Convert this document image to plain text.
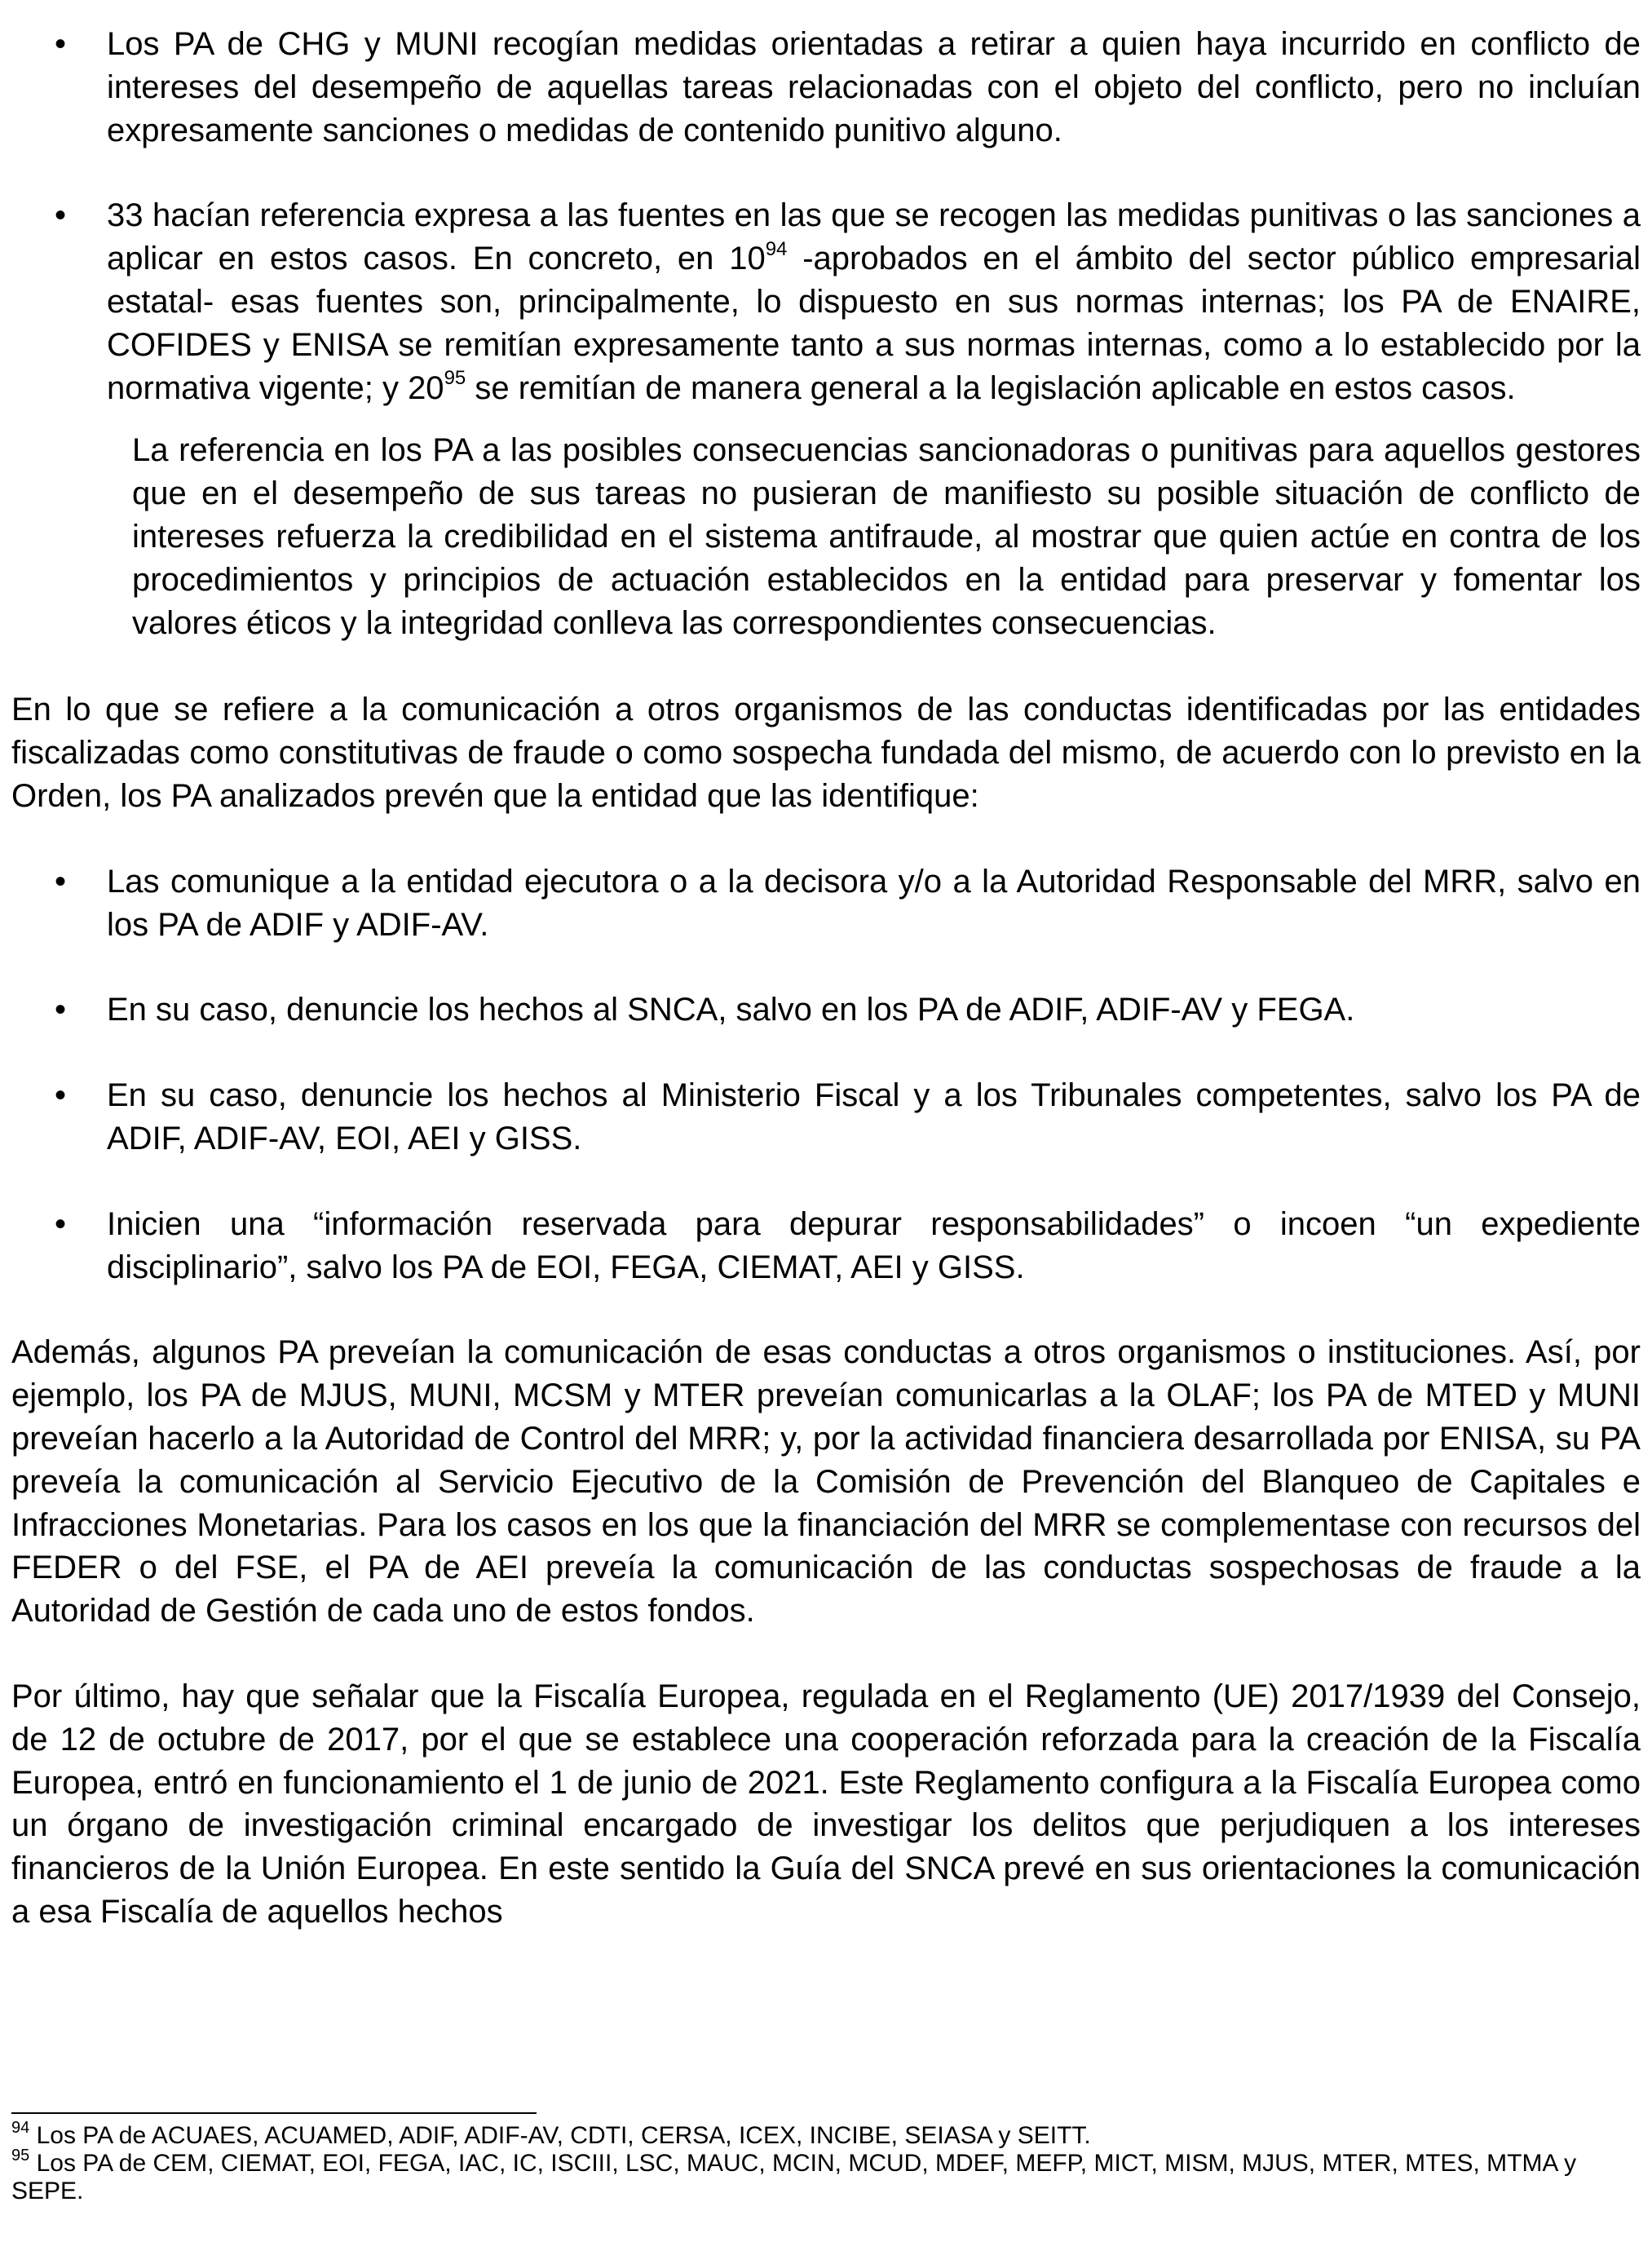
• Los PA de CHG y MUNI recogían medidas orientadas a retirar a quien haya incurrido en conflicto de intereses del desempeño de aquellas tareas relacionadas con el objeto del conflicto, pero no incluían expresamente sanciones o medidas de contenido punitivo alguno.
• 33 hacían referencia expresa a las fuentes en las que se recogen las medidas punitivas o las sanciones a aplicar en estos casos. En concreto, en $10^{94}$ -aprobados en el ámbito del sector público empresarial estatal- esas fuentes son, principalmente, lo dispuesto en sus normas internas; los PA de ENAIRE, COFIDES y ENISA se remitían expresamente tanto a sus normas internas, como a lo establecido por la normativa vigente; y $20^{95}$ se remitían de manera general a la legislación aplicable en estos casos.

La referencia en los PA a las posibles consecuencias sancionadoras o punitivas para aquellos gestores que en el desempeño de sus tareas no pusieran de manifiesto su posible situación de conflicto de intereses refuerza la credibilidad en el sistema antifraude, al mostrar que quien actúe en contra de los procedimientos y principios de actuación establecidos en la entidad para preservar y fomentar los valores éticos y la integridad conlleva las correspondientes consecuencias.

En lo que se refiere a la comunicación a otros organismos de las conductas identificadas por las entidades fiscalizadas como constitutivas de fraude o como sospecha fundada del mismo, de acuerdo con lo previsto en la Orden, los PA analizados prevén que la entidad que las identifique:

• Las comunique a la entidad ejecutora o a la decisora y/o a la Autoridad Responsable del MRR, salvo en los PA de ADIF y ADIF-AV.
• En su caso, denuncie los hechos al SNCA, salvo en los PA de ADIF, ADIF-AV y FEGA.
• En su caso, denuncie los hechos al Ministerio Fiscal y a los Tribunales competentes, salvo los PA de ADIF, ADIF-AV, EOI, AEI y GISS.
• Inicien una “información reservada para depurar responsabilidades” o incoen “un expediente disciplinario”, salvo los PA de EOI, FEGA, CIEMAT, AEI y GISS.

Además, algunos PA preveían la comunicación de esas conductas a otros organismos o instituciones. Así, por ejemplo, los PA de MJUS, MUNI, MCSM y MTER preveían comunicarlas a la OLAF; los PA de MTED y MUNI preveían hacerlo a la Autoridad de Control del MRR; y, por la actividad financiera desarrollada por ENISA, su PA preveía la comunicación al Servicio Ejecutivo de la Comisión de Prevención del Blanqueo de Capitales e Infracciones Monetarias. Para los casos en los que la financiación del MRR se complementase con recursos del FEDER o del FSE, el PA de AEI preveía la comunicación de las conductas sospechosas de fraude a la Autoridad de Gestión de cada uno de estos fondos.

Por último, hay que señalar que la Fiscalía Europea, regulada en el Reglamento (UE) 2017/1939 del Consejo, de 12 de octubre de 2017, por el que se establece una cooperación reforzada para la creación de la Fiscalía Europea, entró en funcionamiento el 1 de junio de 2021. Este Reglamento configura a la Fiscalía Europea como un órgano de investigación criminal encargado de investigar los delitos que perjudiquen a los intereses financieros de la Unión Europea. En este sentido la Guía del SNCA prevé en sus orientaciones la comunicación a esa Fiscalía de aquellos hechos

$^{94}$ Los PA de ACUAES, ACUAMED, ADIF, ADIF-AV, CDTI, CERSA, ICEX, INCIBE, SEIASA y SEITT.

$^{95}$ Los PA de CEM, CIEMAT, EOI, FEGA, IAC, IC, ISCIII, LSC, MAUC, MCIN, MCUD, MDEF, MEFP, MICT, MISM, MJUS, MTER, MTES, MTMA y SEPE.
